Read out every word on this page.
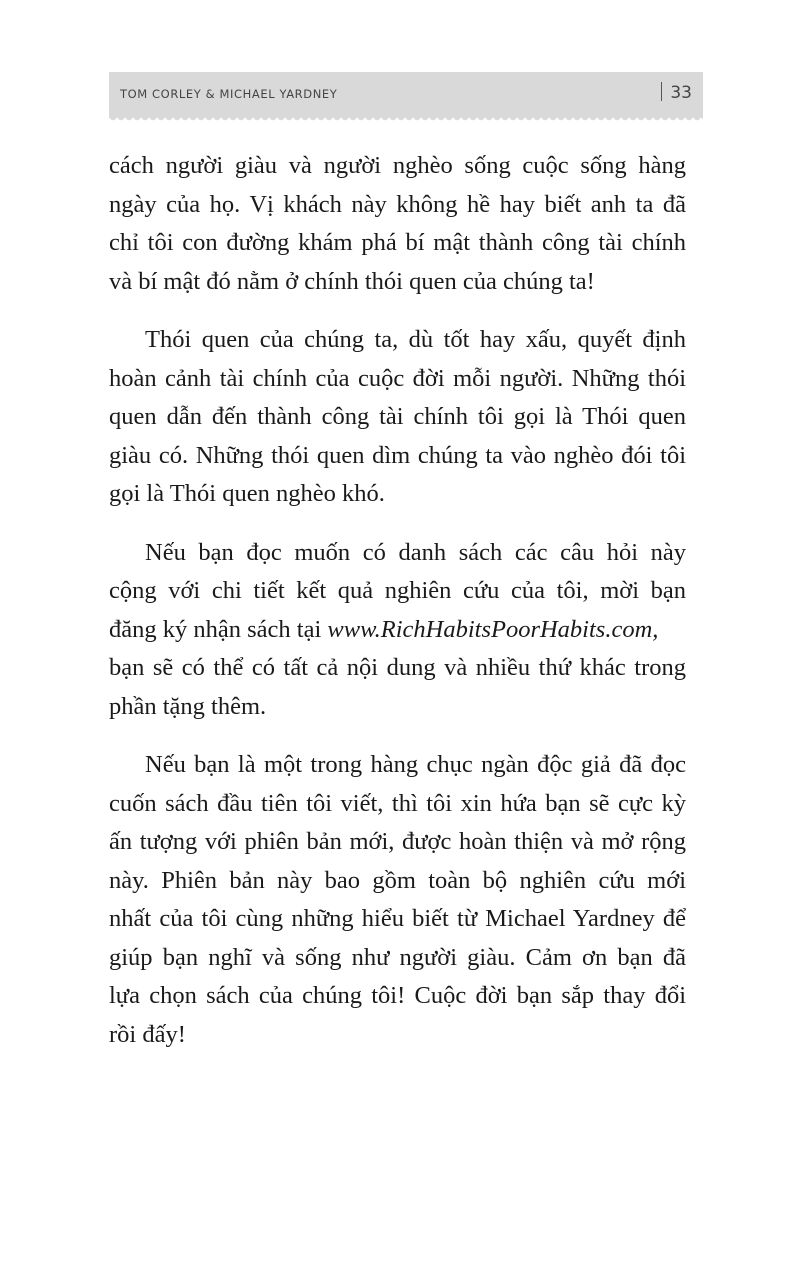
TOM CORLEY & MICHAEL YARDNEY	33

cách người giàu và người nghèo sống cuộc sống hàng
ngày của họ. Vị khách này không hề hay biết anh ta đã
chỉ tôi con đường khám phá bí mật thành công tài chính
và bí mật đó nằm ở chính thói quen của chúng ta!

Thói quen của chúng ta, dù tốt hay xấu, quyết định
hoàn cảnh tài chính của cuộc đời mỗi người. Những thói
quen dẫn đến thành công tài chính tôi gọi là Thói quen
giàu có. Những thói quen dìm chúng ta vào nghèo đói tôi
gọi là Thói quen nghèo khó.

Nếu bạn đọc muốn có danh sách các câu hỏi này
cộng với chi tiết kết quả nghiên cứu của tôi, mời bạn
đăng ký nhận sách tại www.RichHabitsPoorHabits.com,
bạn sẽ có thể có tất cả nội dung và nhiều thứ khác trong
phần tặng thêm.

Nếu bạn là một trong hàng chục ngàn độc giả đã đọc
cuốn sách đầu tiên tôi viết, thì tôi xin hứa bạn sẽ cực kỳ
ấn tượng với phiên bản mới, được hoàn thiện và mở rộng
này. Phiên bản này bao gồm toàn bộ nghiên cứu mới
nhất của tôi cùng những hiểu biết từ Michael Yardney để
giúp bạn nghĩ và sống như người giàu. Cảm ơn bạn đã
lựa chọn sách của chúng tôi! Cuộc đời bạn sắp thay đổi
rồi đấy!
